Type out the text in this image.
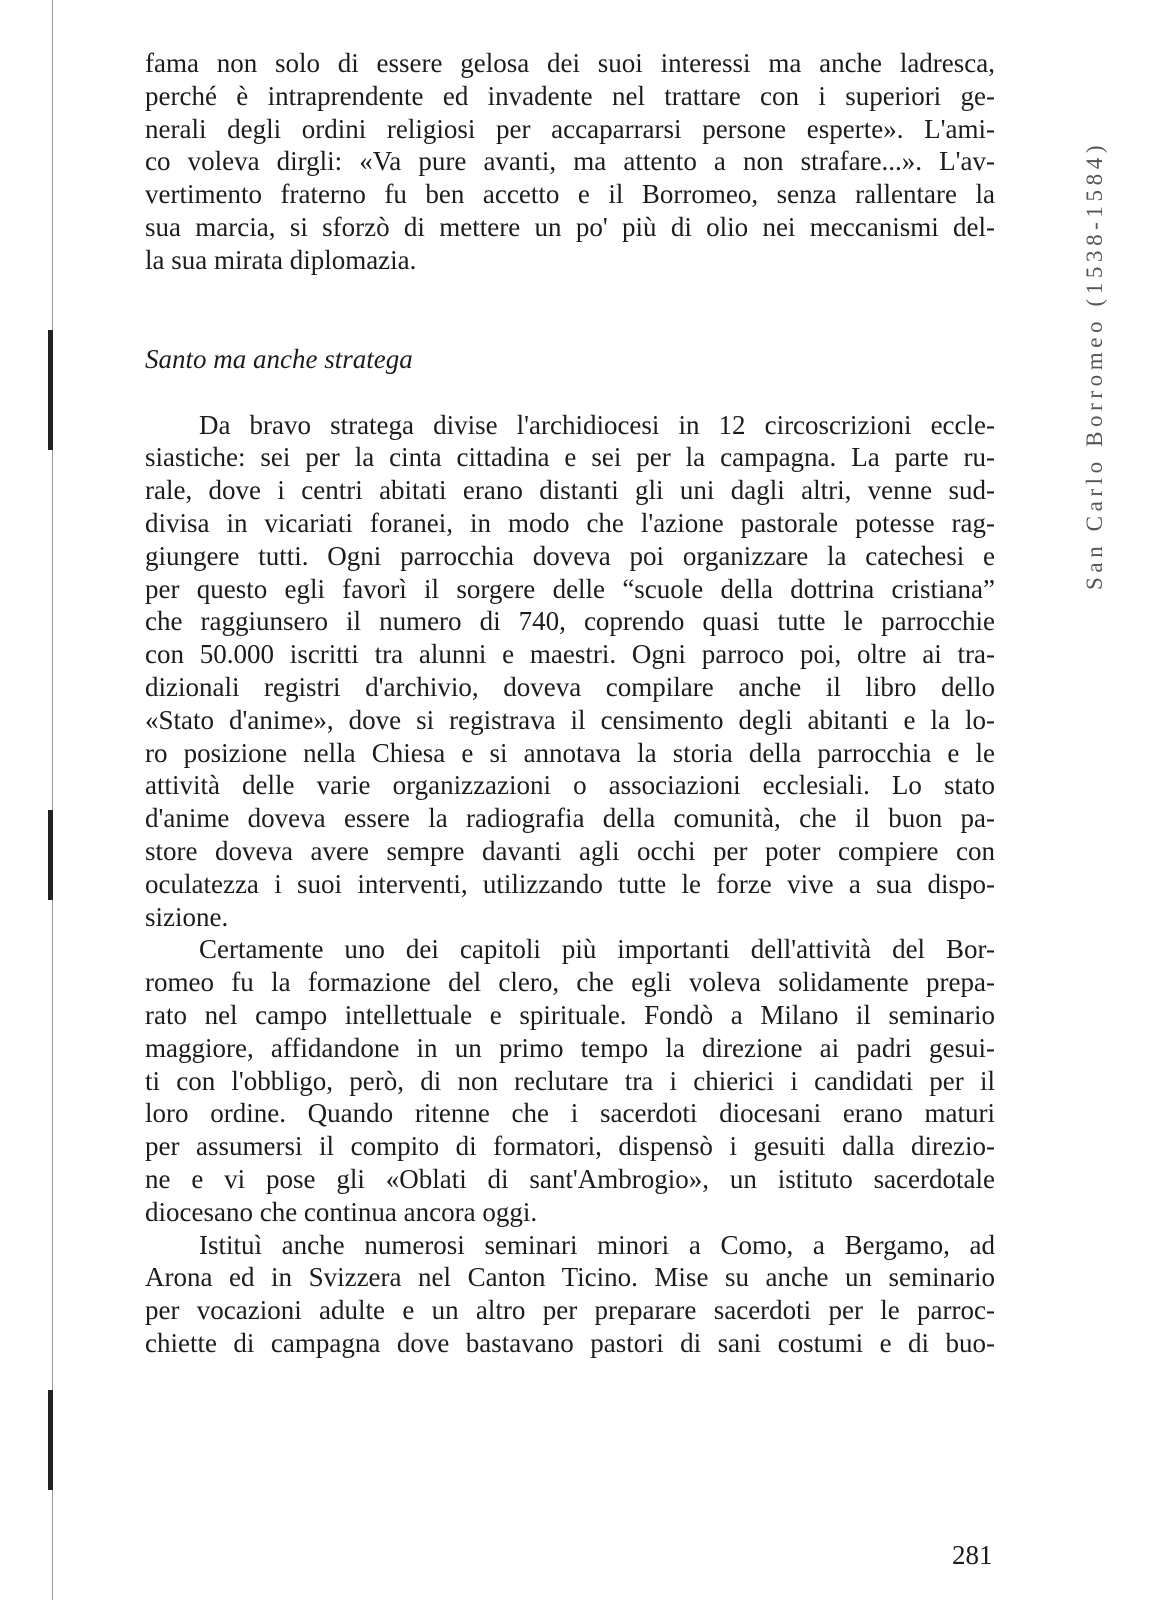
San Carlo Borromeo (1538-1584)
fama non solo di essere gelosa dei suoi interessi ma anche ladresca,
perché è intraprendente ed invadente nel trattare con i superiori ge-
nerali degli ordini religiosi per accaparrarsi persone esperte». L'ami-
co voleva dirgli: «Va pure avanti, ma attento a non strafare...». L'av-
vertimento fraterno fu ben accetto e il Borromeo, senza rallentare la
sua marcia, si sforzò di mettere un po' più di olio nei meccanismi del-
la sua mirata diplomazia.
Santo ma anche stratega
Da bravo stratega divise l'archidiocesi in 12 circoscrizioni eccle-
siastiche: sei per la cinta cittadina e sei per la campagna. La parte ru-
rale, dove i centri abitati erano distanti gli uni dagli altri, venne sud-
divisa in vicariati foranei, in modo che l'azione pastorale potesse rag-
giungere tutti. Ogni parrocchia doveva poi organizzare la catechesi e
per questo egli favorì il sorgere delle “scuole della dottrina cristiana”
che raggiunsero il numero di 740, coprendo quasi tutte le parrocchie
con 50.000 iscritti tra alunni e maestri. Ogni parroco poi, oltre ai tra-
dizionali registri d'archivio, doveva compilare anche il libro dello
«Stato d'anime», dove si registrava il censimento degli abitanti e la lo-
ro posizione nella Chiesa e si annotava la storia della parrocchia e le
attività delle varie organizzazioni o associazioni ecclesiali. Lo stato
d'anime doveva essere la radiografia della comunità, che il buon pa-
store doveva avere sempre davanti agli occhi per poter compiere con
oculatezza i suoi interventi, utilizzando tutte le forze vive a sua dispo-
sizione.
Certamente uno dei capitoli più importanti dell'attività del Bor-
romeo fu la formazione del clero, che egli voleva solidamente prepa-
rato nel campo intellettuale e spirituale. Fondò a Milano il seminario
maggiore, affidandone in un primo tempo la direzione ai padri gesui-
ti con l'obbligo, però, di non reclutare tra i chierici i candidati per il
loro ordine. Quando ritenne che i sacerdoti diocesani erano maturi
per assumersi il compito di formatori, dispensò i gesuiti dalla direzio-
ne e vi pose gli «Oblati di sant'Ambrogio», un istituto sacerdotale
diocesano che continua ancora oggi.
Istituì anche numerosi seminari minori a Como, a Bergamo, ad
Arona ed in Svizzera nel Canton Ticino. Mise su anche un seminario
per vocazioni adulte e un altro per preparare sacerdoti per le parroc-
chiette di campagna dove bastavano pastori di sani costumi e di buo-
281
